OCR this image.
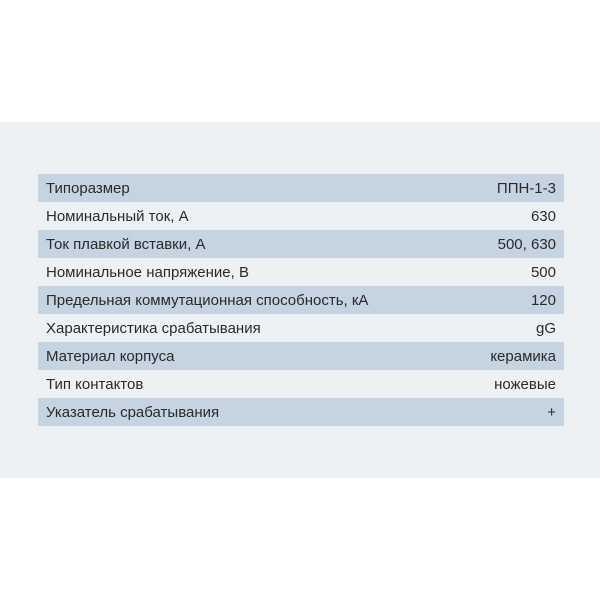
Типоразмер	ППН-1-3
Номинальный ток, А	630
Ток плавкой вставки, А	500, 630
Номинальное напряжение, В	500
Предельная коммутационная способность, кА	120
Характеристика срабатывания	gG
Материал корпуса	керамика
Тип контактов	ножевые
Указатель срабатывания	+
